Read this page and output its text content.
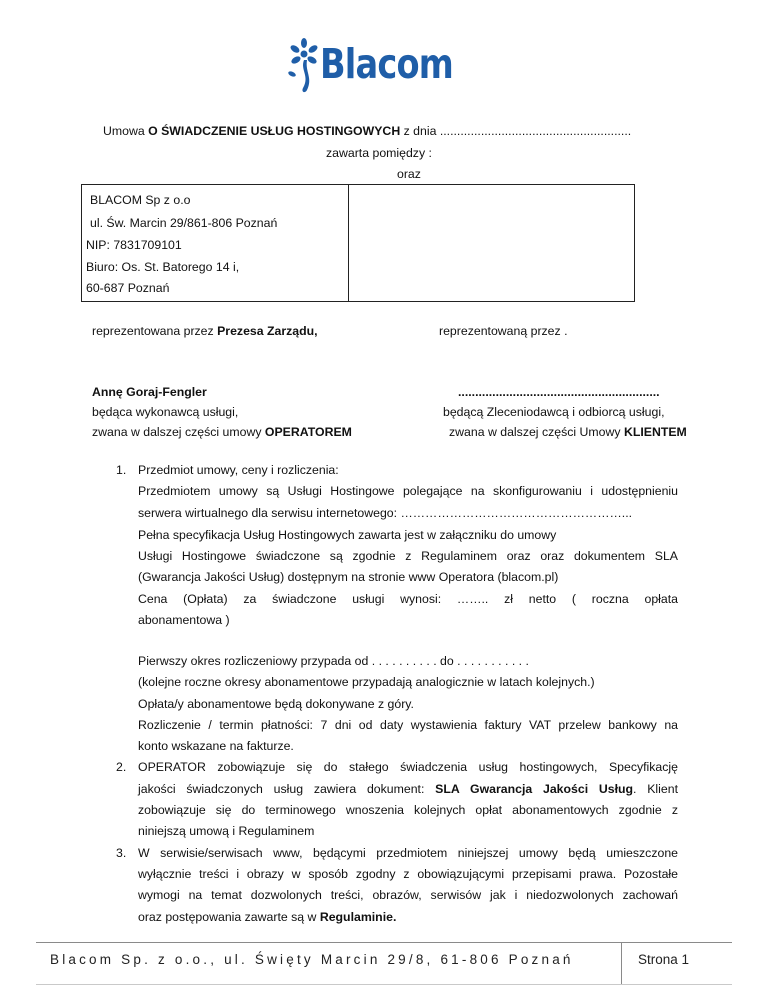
Blacom
Umowa O ŚWIADCZENIE USŁUG HOSTINGOWYCH z dnia ........................................................
zawarta pomiędzy :
oraz
BLACOM Sp z o.o
ul. Św. Marcin 29/861-806 Poznań
NIP: 7831709101
Biuro: Os. St. Batorego 14 i,
60-687 Poznań
reprezentowana przez Prezesa Zarządu,	reprezentowaną przez .
Annę Goraj-Fengler	...........................................................
będąca wykonawcą usługi,	będącą Zleceniodawcą i odbiorcą usługi,
zwana w dalszej części umowy OPERATOREM	zwana w dalszej części Umowy KLIENTEM
1. Przedmiot umowy, ceny i rozliczenia:
Przedmiotem umowy są Usługi Hostingowe polegające na skonfigurowaniu i udostępnieniu
serwera wirtualnego dla serwisu internetowego: ………………………………………………...
Pełna specyfikacja Usług Hostingowych zawarta jest w załączniku do umowy
Usługi Hostingowe świadczone są zgodnie z Regulaminem oraz oraz dokumentem SLA
(Gwarancja Jakości Usług) dostępnym na stronie www Operatora (blacom.pl)
Cena (Opłata) za świadczone usługi wynosi: …….. zł netto ( roczna opłata
abonamentowa )
Pierwszy okres rozliczeniowy przypada od . . . . . . . . . . do . . . . . . . . . . .
(kolejne roczne okresy abonamentowe przypadają analogicznie w latach kolejnych.)
Opłata/y abonamentowe będą dokonywane z góry.
Rozliczenie / termin płatności: 7 dni od daty wystawienia faktury VAT przelew bankowy na
konto wskazane na fakturze.
2. OPERATOR zobowiązuje się do stałego świadczenia usług hostingowych, Specyfikację
jakości świadczonych usług zawiera dokument: SLA Gwarancja Jakości Usług. Klient
zobowiązuje się do terminowego wnoszenia kolejnych opłat abonamentowych zgodnie z
niniejszą umową i Regulaminem
3. W serwisie/serwisach www, będącymi przedmiotem niniejszej umowy będą umieszczone
wyłącznie treści i obrazy w sposób zgodny z obowiązującymi przepisami prawa. Pozostałe
wymogi na temat dozwolonych treści, obrazów, serwisów jak i niedozwolonych zachowań
oraz postępowania zawarte są w Regulaminie.
Blacom Sp. z o.o., ul. Święty Marcin 29/8, 61-806 Poznań	Strona 1
